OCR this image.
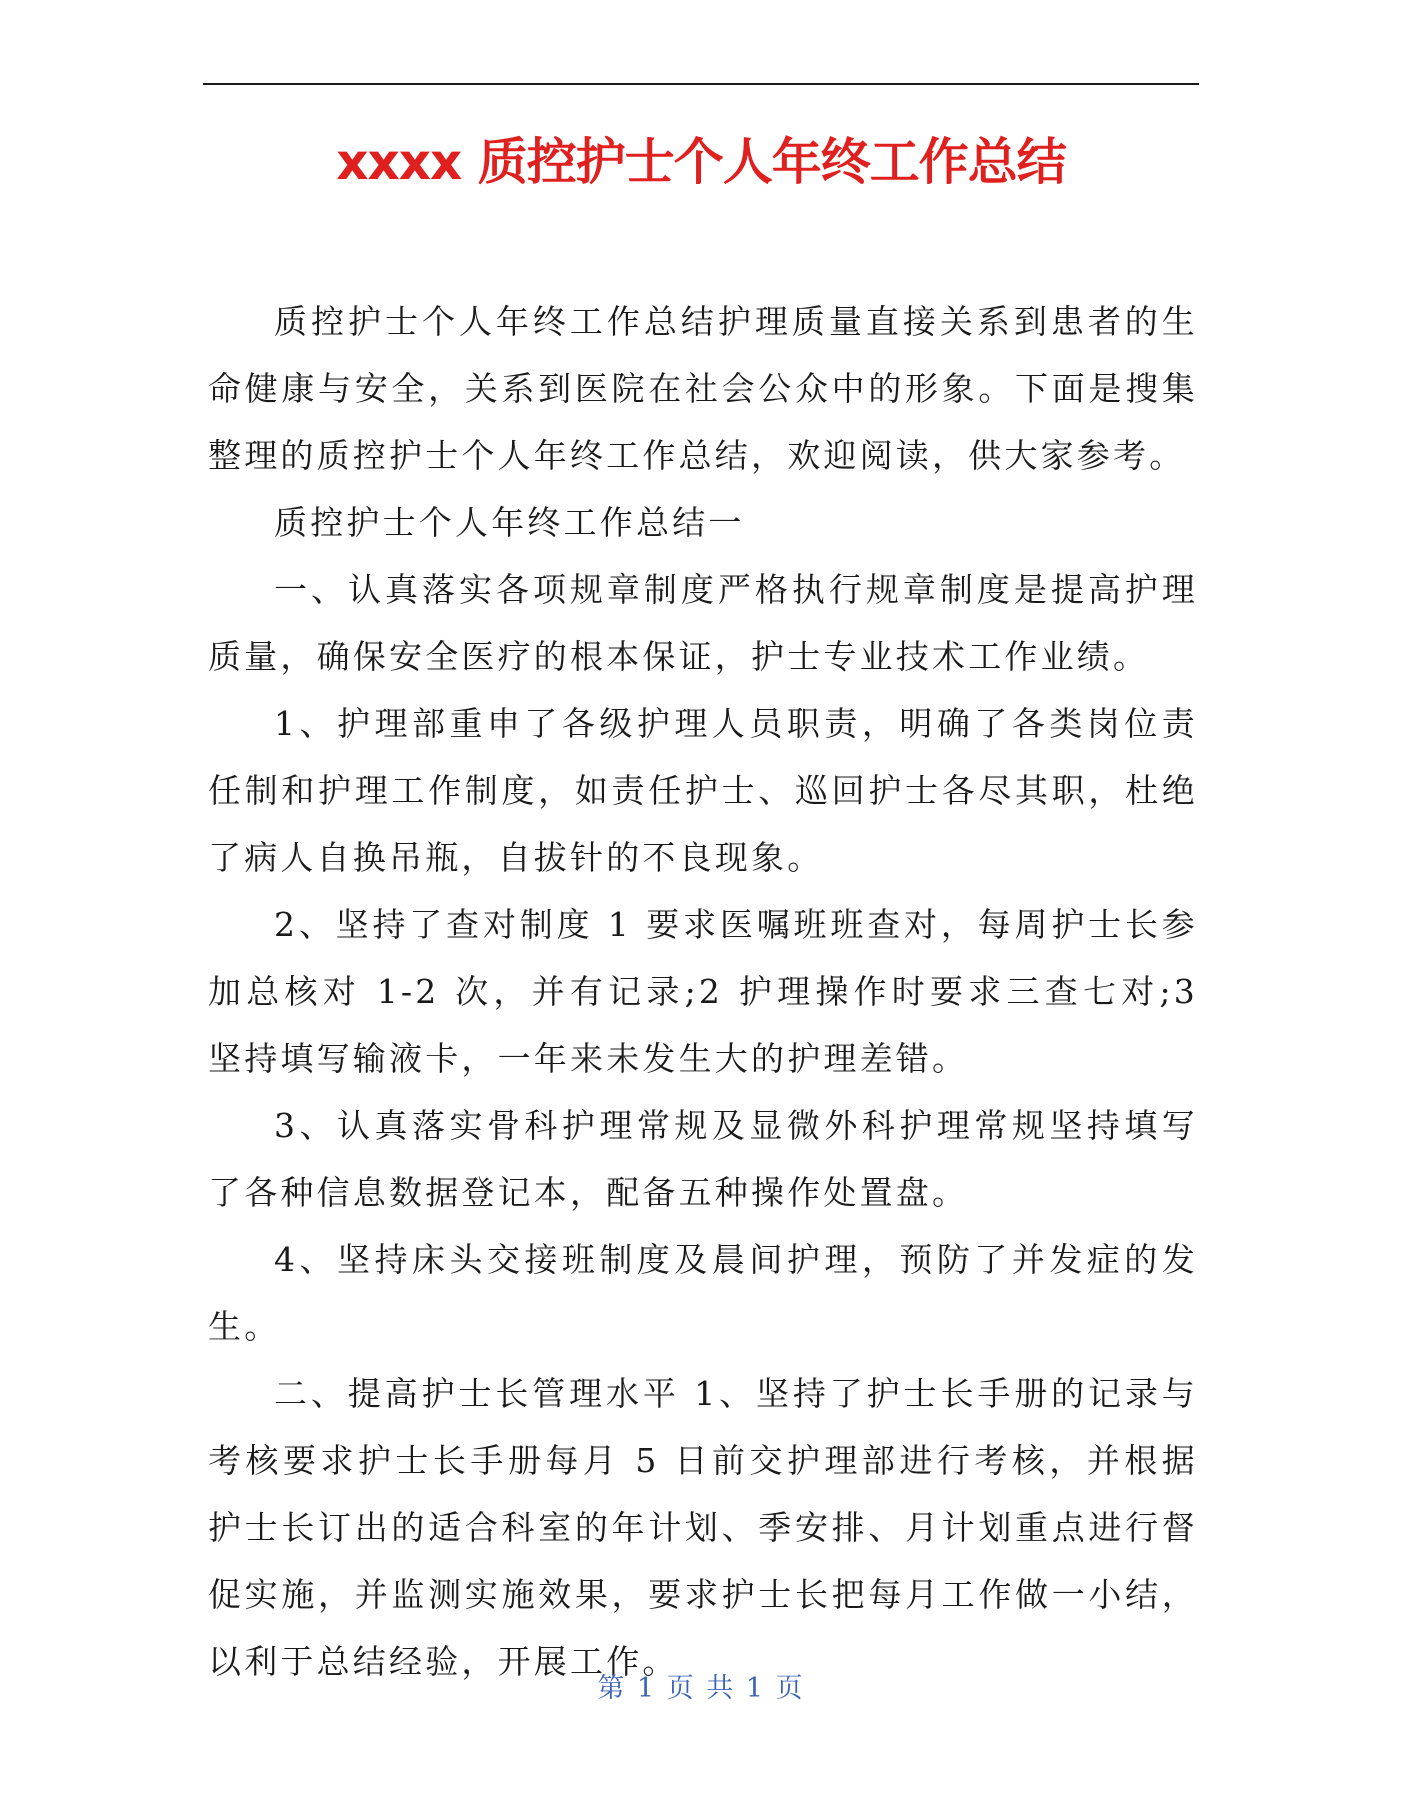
xxxx 质控护士个人年终工作总结

质控护士个人年终工作总结护理质量直接关系到患者的生命健康与安全，关系到医院在社会公众中的形象。下面是搜集整理的质控护士个人年终工作总结，欢迎阅读，供大家参考。

质控护士个人年终工作总结一

一、认真落实各项规章制度严格执行规章制度是提高护理质量，确保安全医疗的根本保证，护士专业技术工作业绩。

1、护理部重申了各级护理人员职责，明确了各类岗位责任制和护理工作制度，如责任护士、巡回护士各尽其职，杜绝了病人自换吊瓶，自拔针的不良现象。

2、坚持了查对制度 1 要求医嘱班班查对，每周护士长参加总核对 1-2 次，并有记录;2 护理操作时要求三查七对;3 坚持填写输液卡，一年来未发生大的护理差错。

3、认真落实骨科护理常规及显微外科护理常规坚持填写了各种信息数据登记本，配备五种操作处置盘。

4、坚持床头交接班制度及晨间护理，预防了并发症的发生。

二、提高护士长管理水平 1、坚持了护士长手册的记录与考核要求护士长手册每月 5 日前交护理部进行考核，并根据护士长订出的适合科室的年计划、季安排、月计划重点进行督促实施，并监测实施效果，要求护士长把每月工作做一小结，以利于总结经验，开展工作。

第 1 页 共 1 页
